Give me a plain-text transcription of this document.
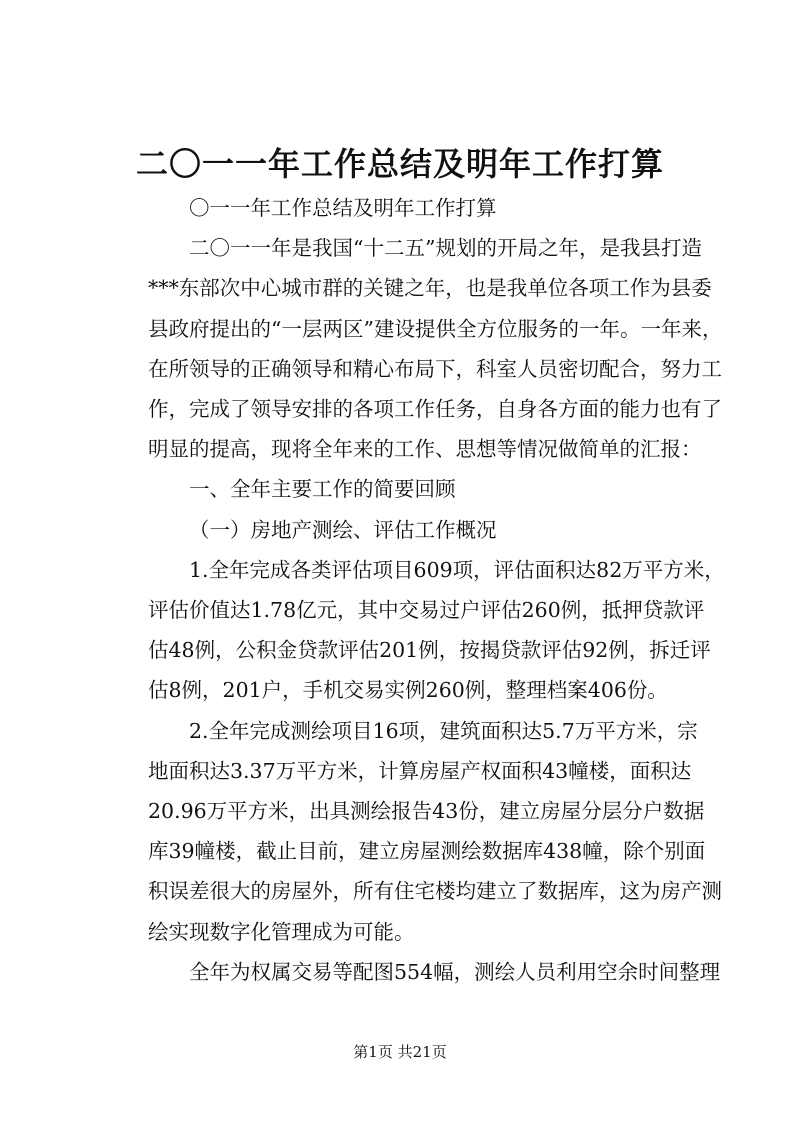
二〇一一年工作总结及明年工作打算

〇一一年工作总结及明年工作打算

二〇一一年是我国“十二五”规划的开局之年，是我县打造
***东部次中心城市群的关键之年，也是我单位各项工作为县委
县政府提出的“一层两区”建设提供全方位服务的一年。一年来，
在所领导的正确领导和精心布局下，科室人员密切配合，努力工
作，完成了领导安排的各项工作任务，自身各方面的能力也有了
明显的提高，现将全年来的工作、思想等情况做简单的汇报：

一、全年主要工作的简要回顾

（一）房地产测绘、评估工作概况

1.全年完成各类评估项目609项，评估面积达82万平方米，
评估价值达1.78亿元，其中交易过户评估260例，抵押贷款评
估48例，公积金贷款评估201例，按揭贷款评估92例，拆迁评
估8例，201户，手机交易实例260例，整理档案406份。

2.全年完成测绘项目16项，建筑面积达5.7万平方米，宗
地面积达3.37万平方米，计算房屋产权面积43幢楼，面积达
20.96万平方米，出具测绘报告43份，建立房屋分层分户数据
库39幢楼，截止目前，建立房屋测绘数据库438幢，除个别面
积误差很大的房屋外，所有住宅楼均建立了数据库，这为房产测
绘实现数字化管理成为可能。

全年为权属交易等配图554幅，测绘人员利用空余时间整理

第1页 共21页
